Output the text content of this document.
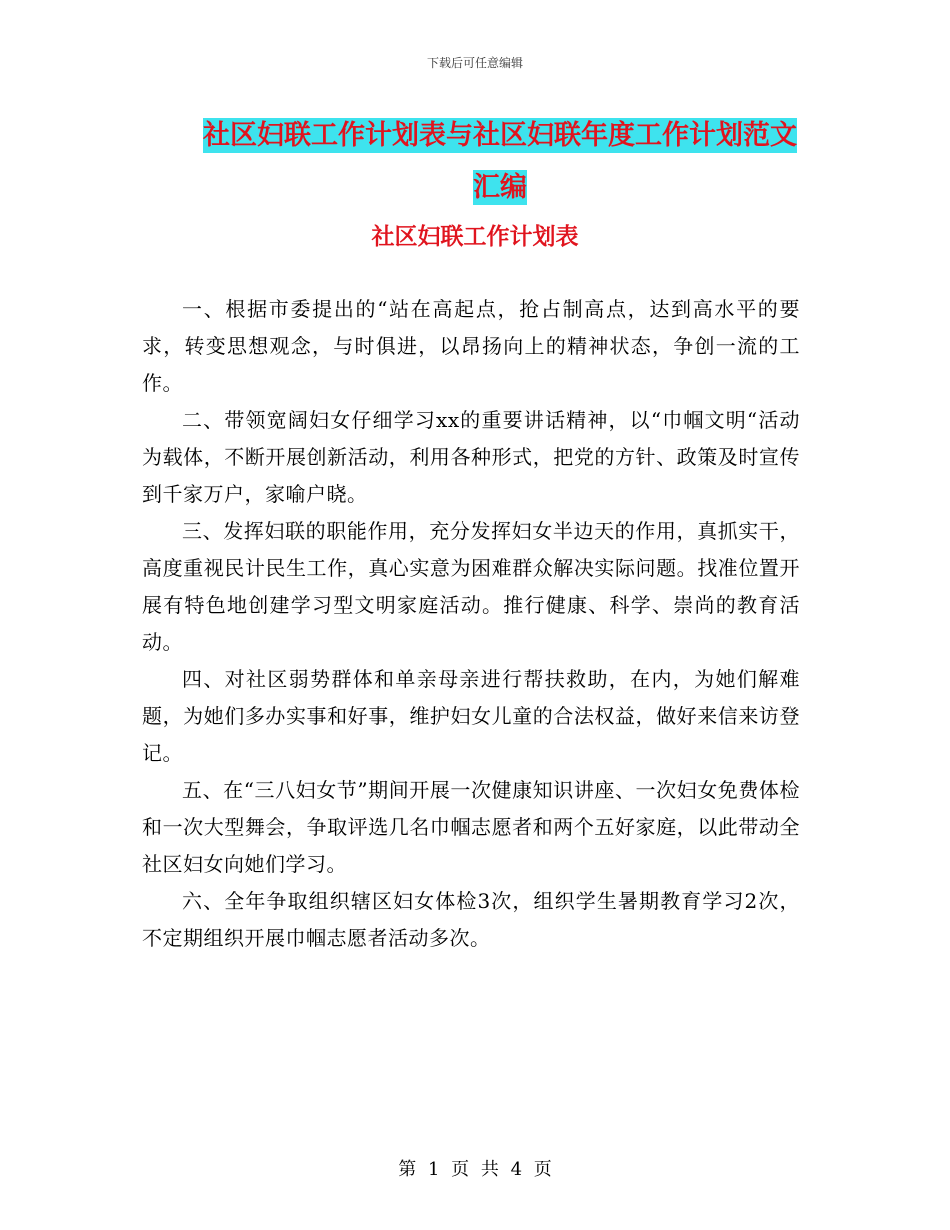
下载后可任意编辑
社区妇联工作计划表与社区妇联年度工作计划范文汇编
社区妇联工作计划表

一、根据市委提出的“站在高起点，抢占制高点，达到高水平的要求，转变思想观念，与时俱进，以昂扬向上的精神状态，争创一流的工作。

二、带领宽阔妇女仔细学习xx的重要讲话精神，以“巾帼文明“活动为载体，不断开展创新活动，利用各种形式，把党的方针、政策及时宣传到千家万户，家喻户晓。

三、发挥妇联的职能作用，充分发挥妇女半边天的作用，真抓实干，高度重视民计民生工作，真心实意为困难群众解决实际问题。找准位置开展有特色地创建学习型文明家庭活动。推行健康、科学、崇尚的教育活动。

四、对社区弱势群体和单亲母亲进行帮扶救助，在内，为她们解难题，为她们多办实事和好事，维护妇女儿童的合法权益，做好来信来访登记。

五、在“三八妇女节”期间开展一次健康知识讲座、一次妇女免费体检和一次大型舞会，争取评选几名巾帼志愿者和两个五好家庭，以此带动全社区妇女向她们学习。

六、全年争取组织辖区妇女体检3次，组织学生暑期教育学习2次，不定期组织开展巾帼志愿者活动多次。

第 1 页 共 4 页
